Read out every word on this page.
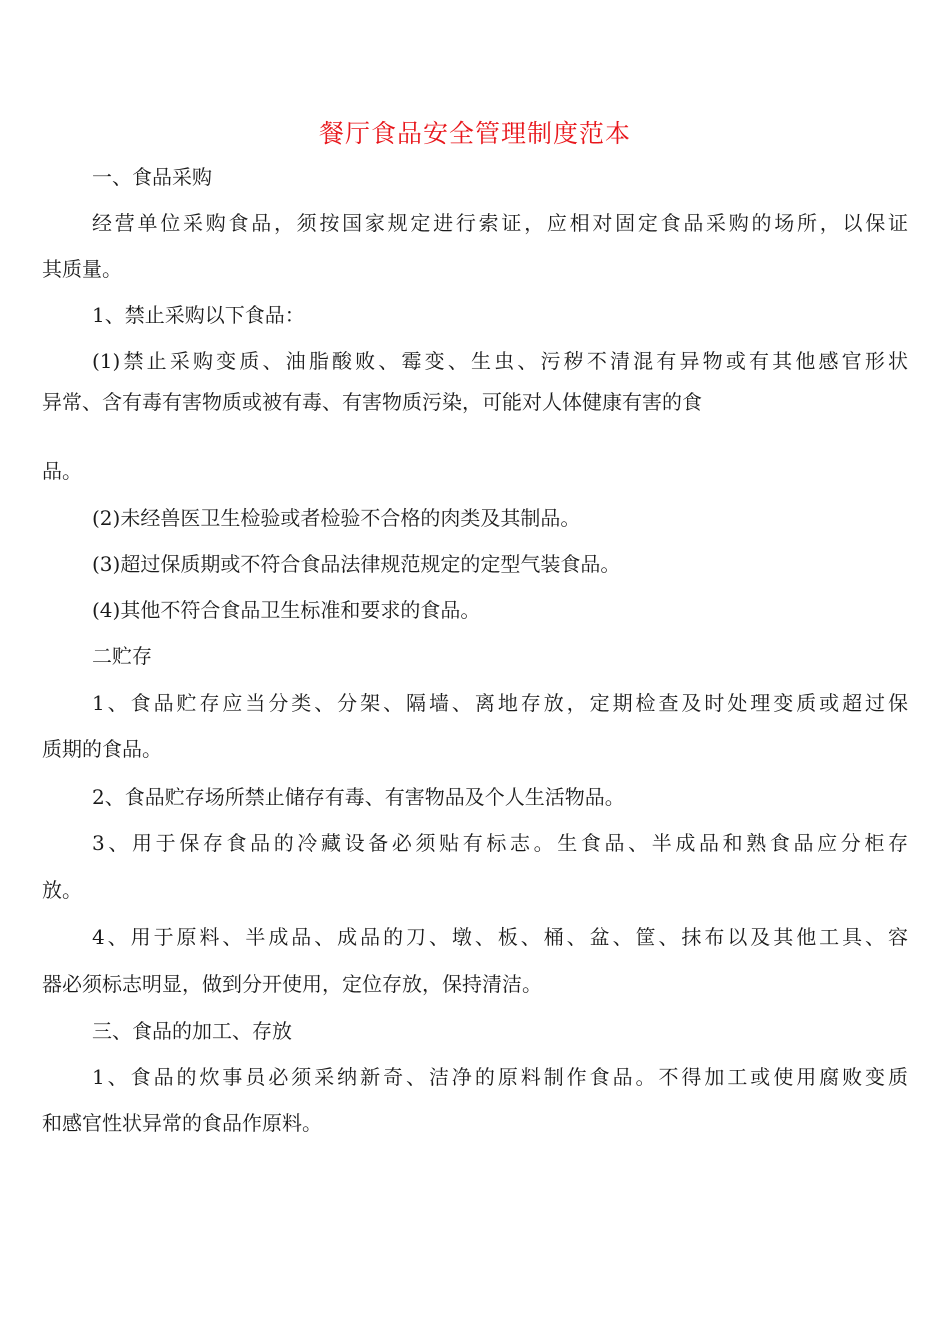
餐厅食品安全管理制度范本
一、食品采购
经营单位采购食品，须按国家规定进行索证，应相对固定食品采购的场所，以保证
其质量。
1、禁止采购以下食品：
(1)禁止采购变质、油脂酸败、霉变、生虫、污秽不清混有异物或有其他感官形状
异常、含有毒有害物质或被有毒、有害物质污染，可能对人体健康有害的食
品。
(2)未经兽医卫生检验或者检验不合格的肉类及其制品。
(3)超过保质期或不符合食品法律规范规定的定型气装食品。
(4)其他不符合食品卫生标准和要求的食品。
二贮存
1、食品贮存应当分类、分架、隔墙、离地存放，定期检查及时处理变质或超过保
质期的食品。
2、食品贮存场所禁止储存有毒、有害物品及个人生活物品。
3、用于保存食品的冷藏设备必须贴有标志。生食品、半成品和熟食品应分柜存
放。
4、用于原料、半成品、成品的刀、墩、板、桶、盆、筐、抹布以及其他工具、容
器必须标志明显，做到分开使用，定位存放，保持清洁。
三、食品的加工、存放
1、食品的炊事员必须采纳新奇、洁净的原料制作食品。不得加工或使用腐败变质
和感官性状异常的食品作原料。
